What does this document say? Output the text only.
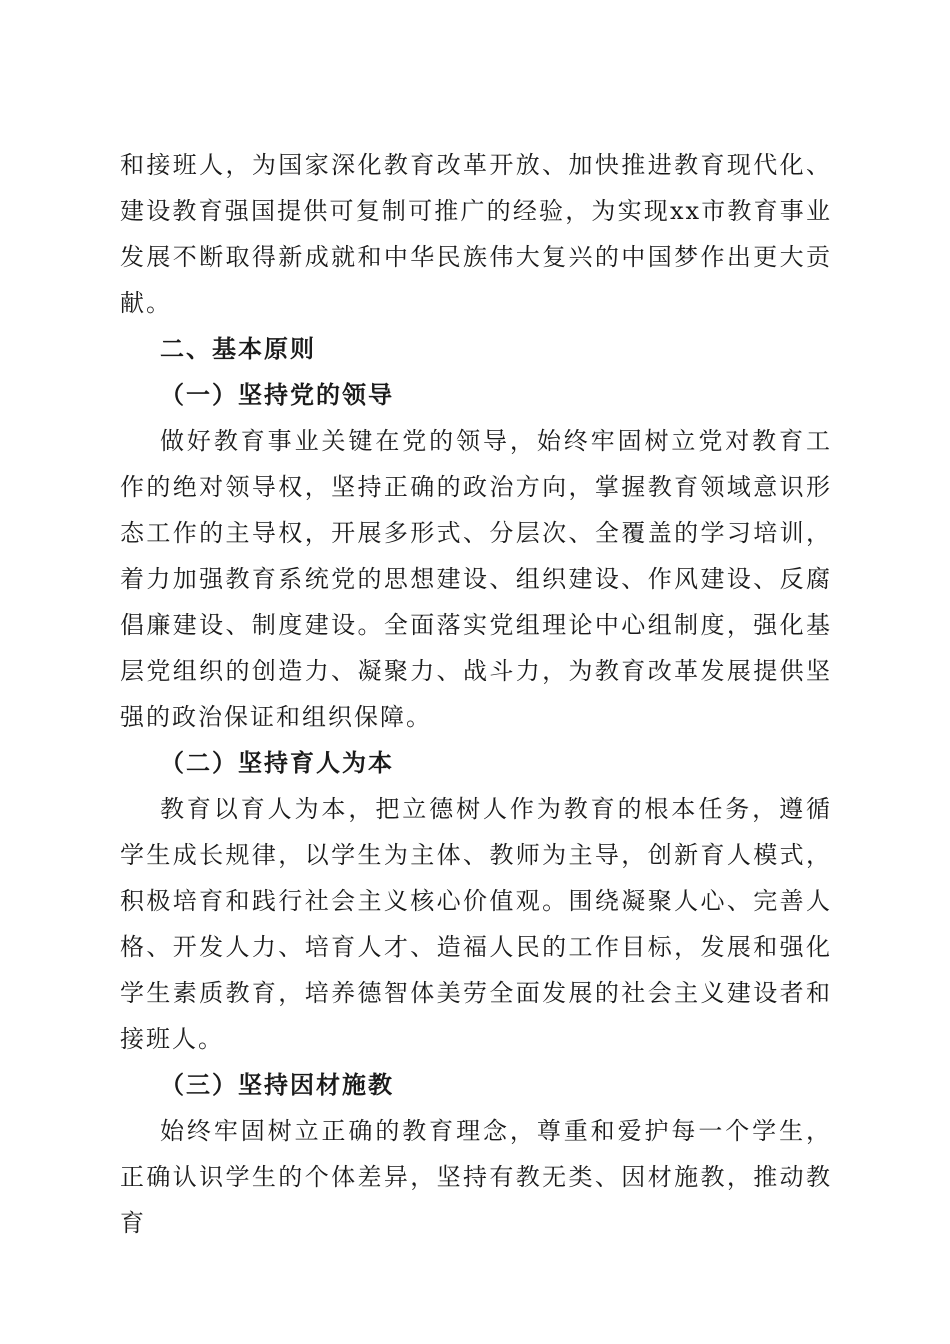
和接班人，为国家深化教育改革开放、加快推进教育现代化、建设教育强国提供可复制可推广的经验，为实现xx市教育事业发展不断取得新成就和中华民族伟大复兴的中国梦作出更大贡献。

二、基本原则

（一）坚持党的领导

做好教育事业关键在党的领导，始终牢固树立党对教育工作的绝对领导权，坚持正确的政治方向，掌握教育领域意识形态工作的主导权，开展多形式、分层次、全覆盖的学习培训，着力加强教育系统党的思想建设、组织建设、作风建设、反腐倡廉建设、制度建设。全面落实党组理论中心组制度，强化基层党组织的创造力、凝聚力、战斗力，为教育改革发展提供坚强的政治保证和组织保障。

（二）坚持育人为本

教育以育人为本，把立德树人作为教育的根本任务，遵循学生成长规律，以学生为主体、教师为主导，创新育人模式，积极培育和践行社会主义核心价值观。围绕凝聚人心、完善人格、开发人力、培育人才、造福人民的工作目标，发展和强化学生素质教育，培养德智体美劳全面发展的社会主义建设者和接班人。

（三）坚持因材施教

始终牢固树立正确的教育理念，尊重和爱护每一个学生，正确认识学生的个体差异，坚持有教无类、因材施教，推动教育
